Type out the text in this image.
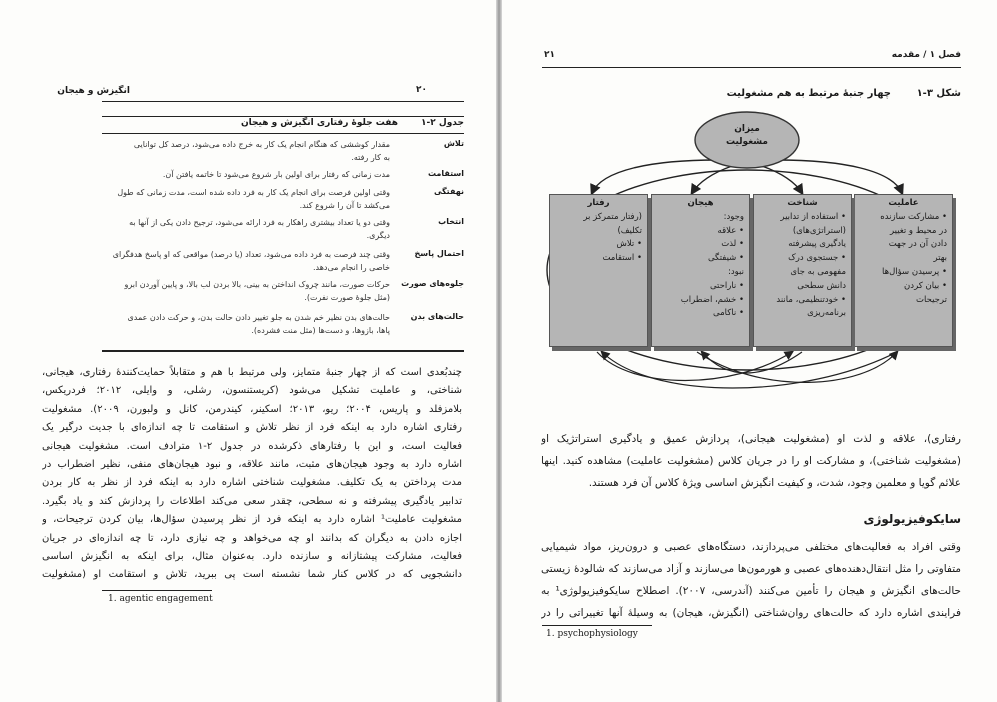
۲۰
انگیزش و هیجان
جدول ۲-۱
هفت جلوهٔ رفتاری انگیزش و هیجان
تلاش
مقدار کوششی که هنگام انجام یک کار به خرج داده می‌شود، درصد کل توانایی
به کار رفته.
استقامت
مدت زمانی که رفتار برای اولین بار شروع می‌شود تا خاتمه یافتن آن.
نهفتگی
وقتی اولین فرصت برای انجام یک کار به فرد داده شده است، مدت زمانی که طول
می‌کشد تا آن را شروع کند.
انتخاب
وقتی دو یا تعداد بیشتری راهکار به فرد ارائه می‌شود، ترجیح دادن یکی از آنها به
دیگری.
احتمال پاسخ
وقتی چند فرصت به فرد داده می‌شود، تعداد (یا درصد) مواقعی که او پاسخ هدفگرای
خاصی را انجام می‌دهد.
جلوه‌های صورت
حرکات صورت، مانند چروک انداختن به بینی، بالا بردن لب بالا، و پایین آوردن ابرو
(مثل جلوهٔ صورت نفرت).
حالت‌های بدن
حالت‌های بدن نظیر خم شدن به جلو تغییر دادن حالت بدن، و حرکت دادن عمدی
پاها، بازوها، و دست‌ها (مثل منت فشرده).
چندبُعدی است که از چهار جنبهٔ متمایز، ولی مرتبط با هم و متقابلاً حمایت‌کنندهٔ رفتاری، هیجانی،
شناختی، و عاملیت تشکیل می‌شود (کریستنسون، رشلی، و وایلی، ۲۰۱۲؛ فردریکس،
بلامزفلد و پاریس، ۲۰۰۴؛ ریو، ۲۰۱۳؛ اسکینر، کیندرمن، کانل و ولبورن، ۲۰۰۹). مشغولیت
رفتاری اشاره دارد به اینکه فرد از نظر تلاش و استقامت تا چه اندازه‌ای با جدیت درگیر یک
فعالیت است، و این با رفتارهای ذکرشده در جدول ۲-۱ مترادف است. مشغولیت هیجانی
اشاره دارد به وجود هیجان‌های مثبت، مانند علاقه، و نبود هیجان‌های منفی، نظیر اضطراب در
مدت پرداختن به یک تکلیف. مشغولیت شناختی اشاره دارد به اینکه فرد از نظر به کار بردن
تدابیر یادگیری پیشرفته و نه سطحی، چقدر سعی می‌کند اطلاعات را پردازش کند و یاد بگیرد.
مشغولیت عاملیت¹ اشاره دارد به اینکه فرد از نظر پرسیدن سؤال‌ها، بیان کردن ترجیحات، و
اجازه دادن به دیگران که بدانند او چه می‌خواهد و چه نیازی دارد، تا چه اندازه‌ای در جریان
فعالیت، مشارکت پیشتازانه و سازنده دارد. به‌عنوان مثال، برای اینکه به انگیزش اساسی
دانشجویی که در کلاس کنار شما نشسته است پی ببرید، تلاش و استقامت او (مشغولیت
1. agentic engagement
۲۱	فصل ۱ / مقدمه
شکل ۳-۱
چهار جنبهٔ مرتبط به هم مشغولیت
میزان
مشغولیت
عاملیت
• مشارکت سازنده
در محیط و تغییر
دادن آن در جهت
بهتر
• پرسیدن سؤال‌ها
• بیان کردن
ترجیحات
شناخت
• استفاده از تدابیر
(استراتژی‌های)
یادگیری پیشرفته
• جستجوی درک
مفهومی به جای
دانش سطحی
• خودتنظیمی، مانند
برنامه‌ریزی
هیجان
وجود:
• علاقه
• لذت
• شیفتگی
نبود:
• ناراحتی
• خشم، اضطراب
• ناکامی
رفتار
(رفتار متمرکز بر
تکلیف)
• تلاش
• استقامت
رفتاری)، علاقه و لذت او (مشغولیت هیجانی)، پردازش عمیق و یادگیری استراتژیک او
(مشغولیت شناختی)، و مشارکت او را در جریان کلاس (مشغولیت عاملیت) مشاهده کنید. اینها
علائم گویا و معلمین وجود، شدت، و کیفیت انگیزش اساسی ویژهٔ کلاس آن فرد هستند.
سایکوفیزیولوژی
وقتی افراد به فعالیت‌های مختلفی می‌پردازند، دستگاه‌های عصبی و درون‌ریز، مواد شیمیایی
متفاوتی را مثل انتقال‌دهنده‌های عصبی و هورمون‌ها می‌سازند و آزاد می‌سازند که شالودهٔ زیستی
حالت‌های انگیزش و هیجان را تأمین می‌کنند (آندرسی، ۲۰۰۷). اصطلاح سایکوفیزیولوژی¹ به
فرایندی اشاره دارد که حالت‌های روان‌شناختی (انگیزش، هیجان) به وسیلهٔ آنها تغییراتی را در
1. psychophysiology
